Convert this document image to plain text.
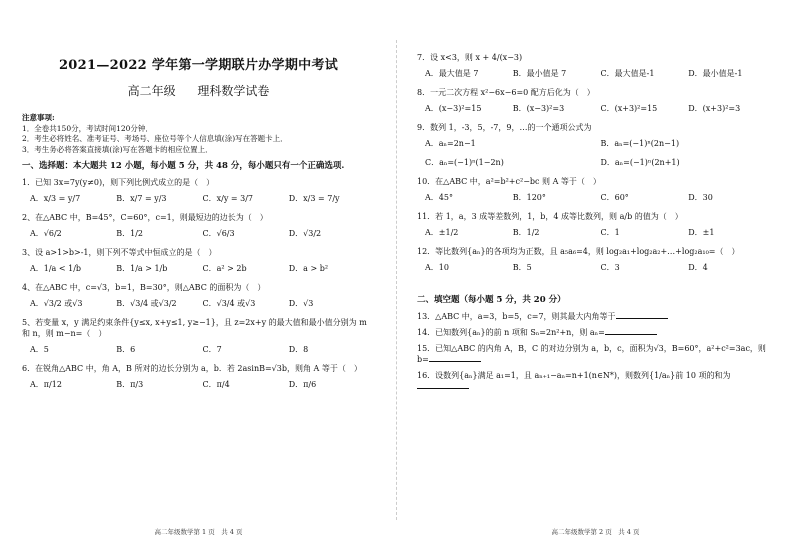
2021—2022 学年第一学期联片办学期中考试
高二年级 理科数学试卷
注意事项:
1．全卷共150分，考试时间120分钟．
2．考生必将姓名、准考证号、考场号、座位号等个人信息填(涂)写在答题卡上．
3．考生务必将答案直接填(涂)写在答题卡的相应位置上．
一、选择题：本大题共 12 小题，每小题 5 分，共 48 分，每小题只有一个正确选项.
1．已知 3x=7y(y≠0)，则下列比例式成立的是（　）
A．x/3 = y/7	B．x/7 = y/3	C．x/y = 3/7	D．x/3 = 7/y
2、在△ABC 中，B=45°，C=60°，c=1，则最短边的边长为（　）
A．√6/2	B．1/2	C．√6/3	D．√3/2
3、设 a>1>b>-1，则下列不等式中恒成立的是（　）
A．1/a < 1/b	B．1/a > 1/b	C．a² > 2b	D．a > b²
4、在△ABC 中，c=√3，b=1，B=30°，则△ABC 的面积为（　）
A．√3/2 或√3	B．√3/4 或√3/2	C．√3/4 或√3	D．√3
5、若变量 x，y 满足约束条件{y≤x, x+y≤1, y≥−1}，且 z=2x+y 的最大值和最小值分别为 m 和 n，则 m−n=（　）
A．5	B．6	C．7	D．8
6．在锐角△ABC 中，角 A，B 所对的边长分别为 a，b．若 2asinB=√3b，则角 A 等于（　）
A．π/12	B．π/3	C．π/4	D．π/6
高二年级数学第 1 页　共 4 页
7．设 x<3，则 x + 4/(x−3)
A．最大值是 7	B．最小值是 7	C．最大值是-1	D．最小值是-1
8．一元二次方程 x²−6x−6=0 配方后化为（　）
A．(x−3)²=15	B．(x−3)²=3	C．(x+3)²=15	D．(x+3)²=3
9．数列 1，-3，5，-7，9，…的一个通项公式为
A．aₙ=2n−1	B．aₙ=(−1)ⁿ(2n−1)
C．aₙ=(−1)ⁿ(1−2n)	D．aₙ=(−1)ⁿ(2n+1)
10．在△ABC 中，a²=b²+c²−bc 则 A 等于（　）
A．45°	B．120°	C．60°	D．30
11．若 1，a，3 成等差数列，1，b，4 成等比数列，则 a/b 的值为（　）
A．±1/2	B．1/2	C．1	D．±1
12．等比数列{aₙ}的各项均为正数，且 a₅a₆=4，则 log₂a₁+log₂a₂+…+log₂a₁₀=（　）
A．10	B．5	C．3	D．4
二、填空题（每小题 5 分，共 20 分）
13．△ABC 中，a=3，b=5，c=7，则其最大内角等于
14．已知数列{aₙ}的前 n 项和 Sₙ=2n²+n，则 aₙ=
15．已知△ABC 的内角 A，B，C 的对边分别为 a，b，c，面积为√3，B=60°，a²+c²=3ac，则 b=
16．设数列{aₙ}满足 a₁=1，且 aₙ₊₁−aₙ=n+1(n∈N*)，则数列{1/aₙ}前 10 项的和为
高二年级数学第 2 页　共 4 页
